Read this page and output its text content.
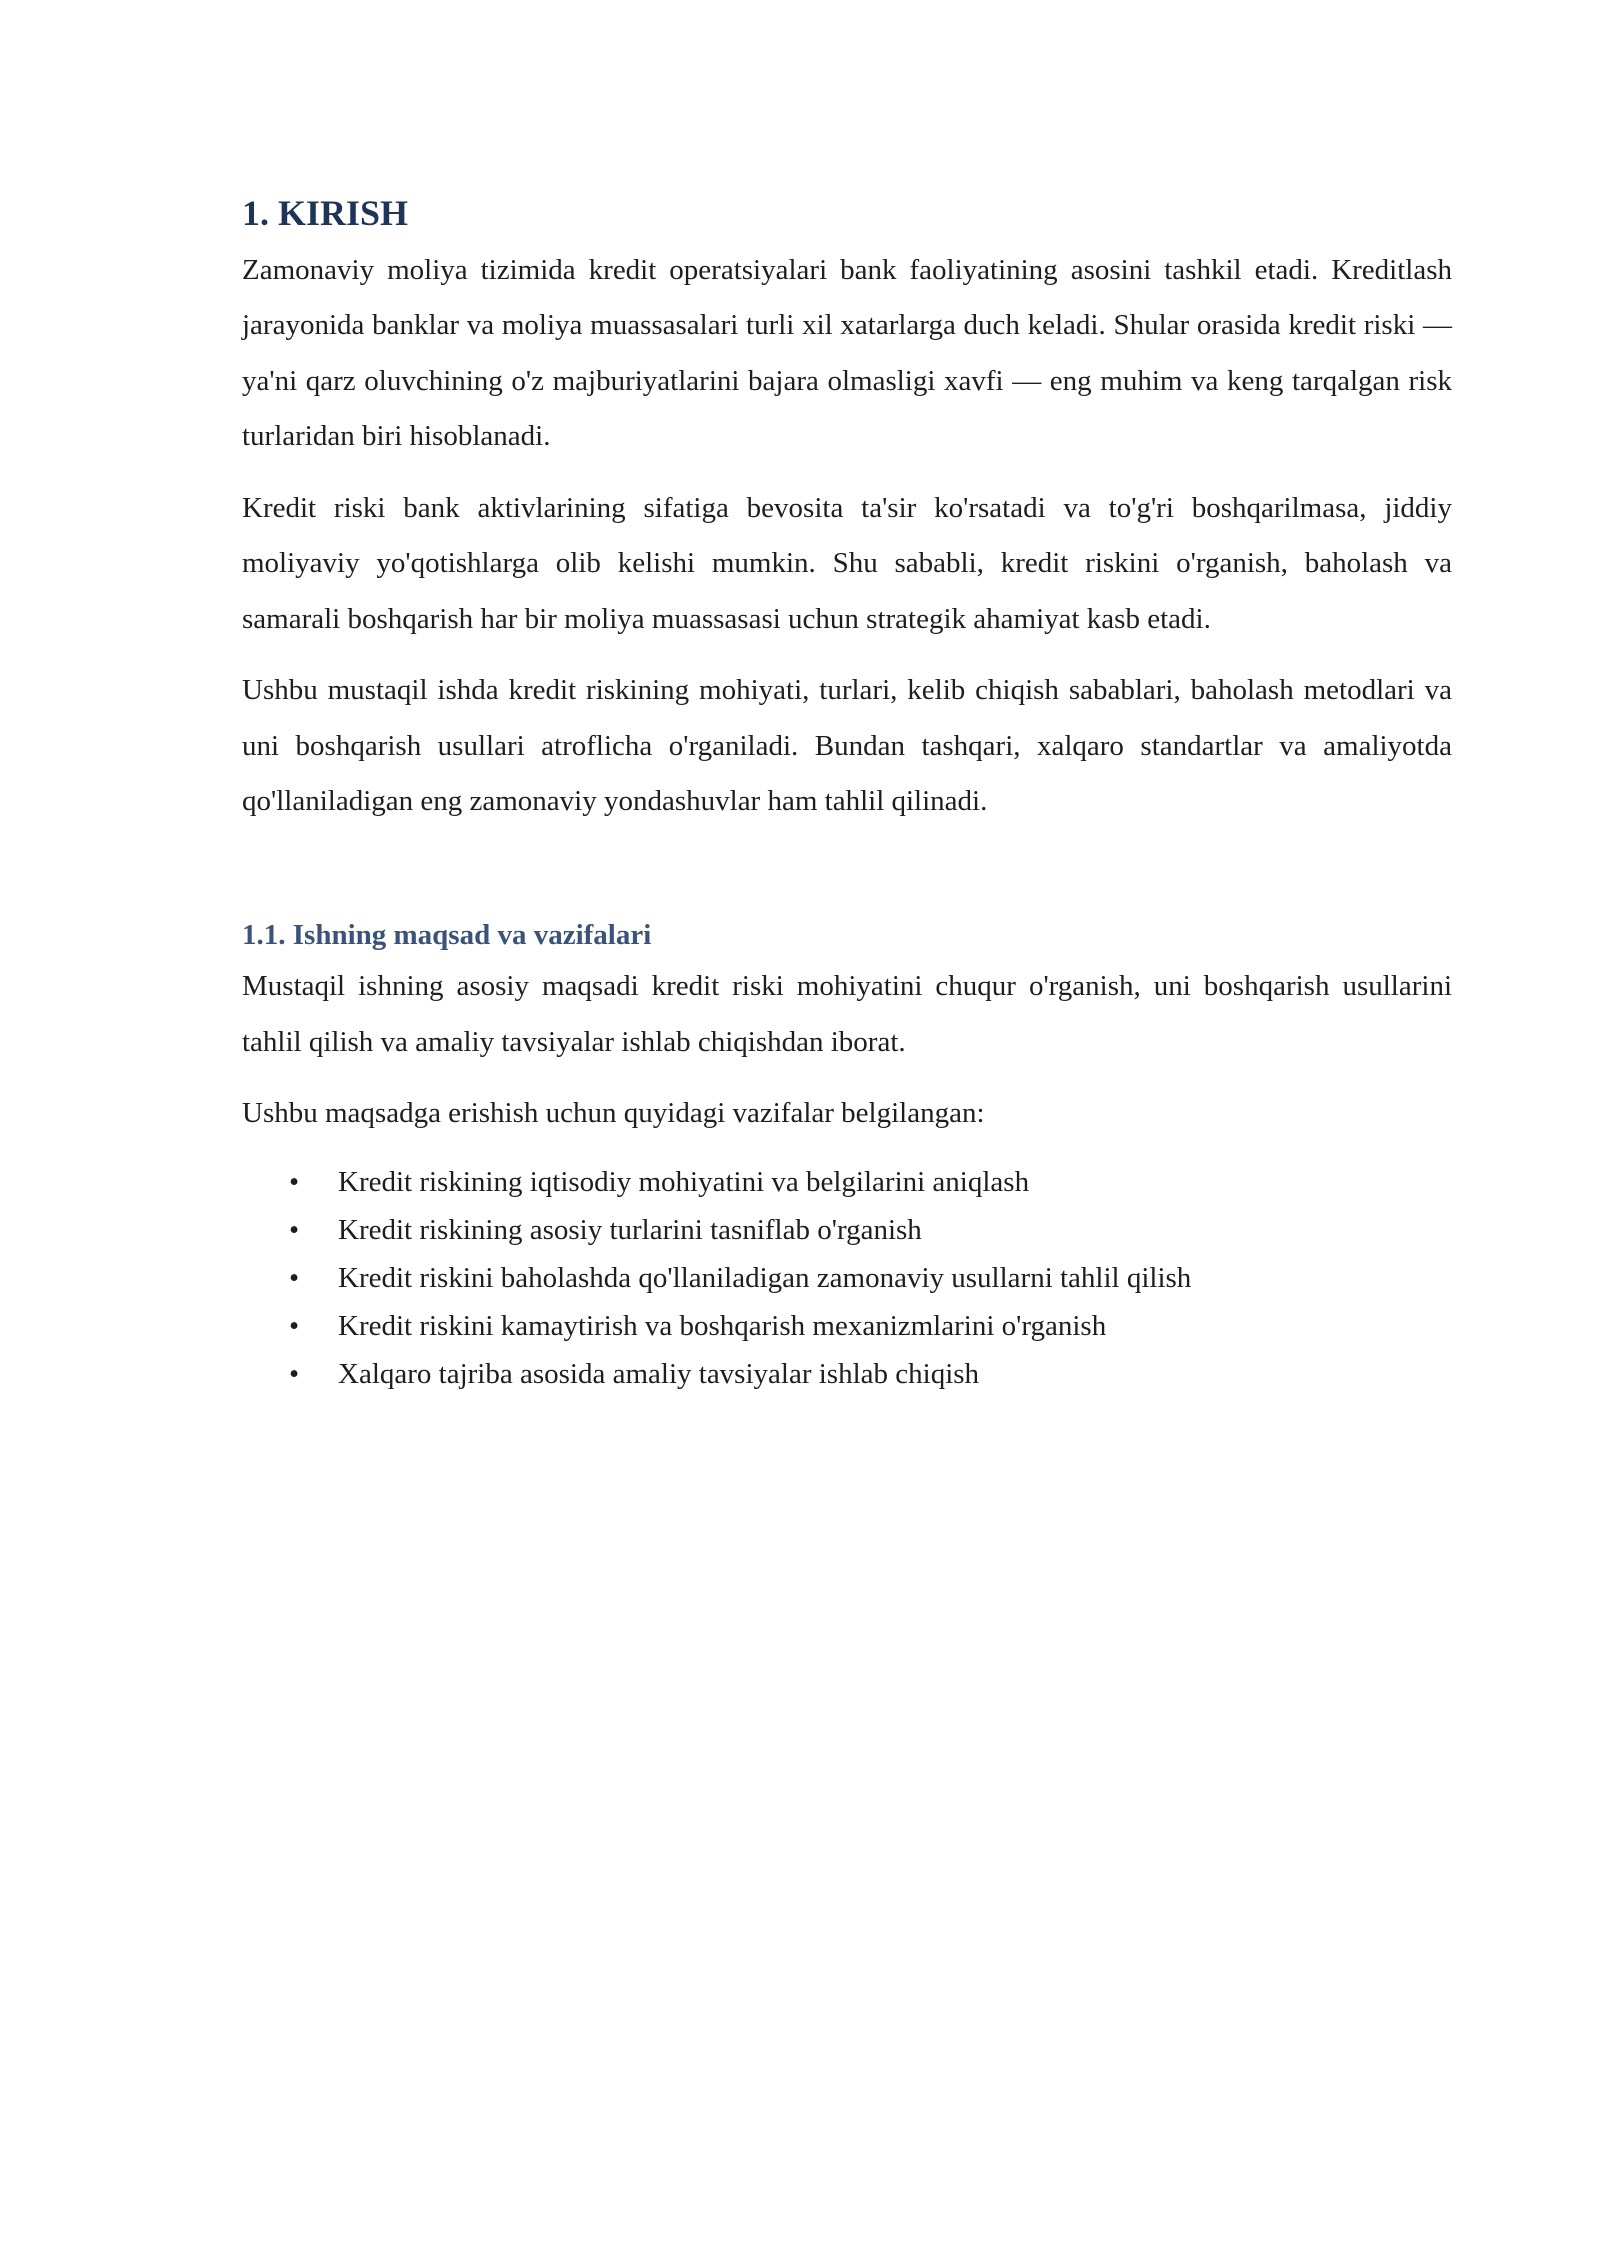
1. KIRISH

Zamonaviy moliya tizimida kredit operatsiyalari bank faoliyatining asosini tashkil etadi. Kreditlash jarayonida banklar va moliya muassasalari turli xil xatarlarga duch keladi. Shular orasida kredit riski — ya'ni qarz oluvchining o'z majburiyatlarini bajara olmasligi xavfi — eng muhim va keng tarqalgan risk turlaridan biri hisoblanadi.

Kredit riski bank aktivlarining sifatiga bevosita ta'sir ko'rsatadi va to'g'ri boshqarilmasa, jiddiy moliyaviy yo'qotishlarga olib kelishi mumkin. Shu sababli, kredit riskini o'rganish, baholash va samarali boshqarish har bir moliya muassasasi uchun strategik ahamiyat kasb etadi.

Ushbu mustaqil ishda kredit riskining mohiyati, turlari, kelib chiqish sabablari, baholash metodlari va uni boshqarish usullari atroflicha o'rganiladi. Bundan tashqari, xalqaro standartlar va amaliyotda qo'llaniladigan eng zamonaviy yondashuvlar ham tahlil qilinadi.

1.1. Ishning maqsad va vazifalari

Mustaqil ishning asosiy maqsadi kredit riski mohiyatini chuqur o'rganish, uni boshqarish usullarini tahlil qilish va amaliy tavsiyalar ishlab chiqishdan iborat.

Ushbu maqsadga erishish uchun quyidagi vazifalar belgilangan:

• Kredit riskining iqtisodiy mohiyatini va belgilarini aniqlash
• Kredit riskining asosiy turlarini tasniflab o'rganish
• Kredit riskini baholashda qo'llaniladigan zamonaviy usullarni tahlil qilish
• Kredit riskini kamaytirish va boshqarish mexanizmlarini o'rganish
• Xalqaro tajriba asosida amaliy tavsiyalar ishlab chiqish
